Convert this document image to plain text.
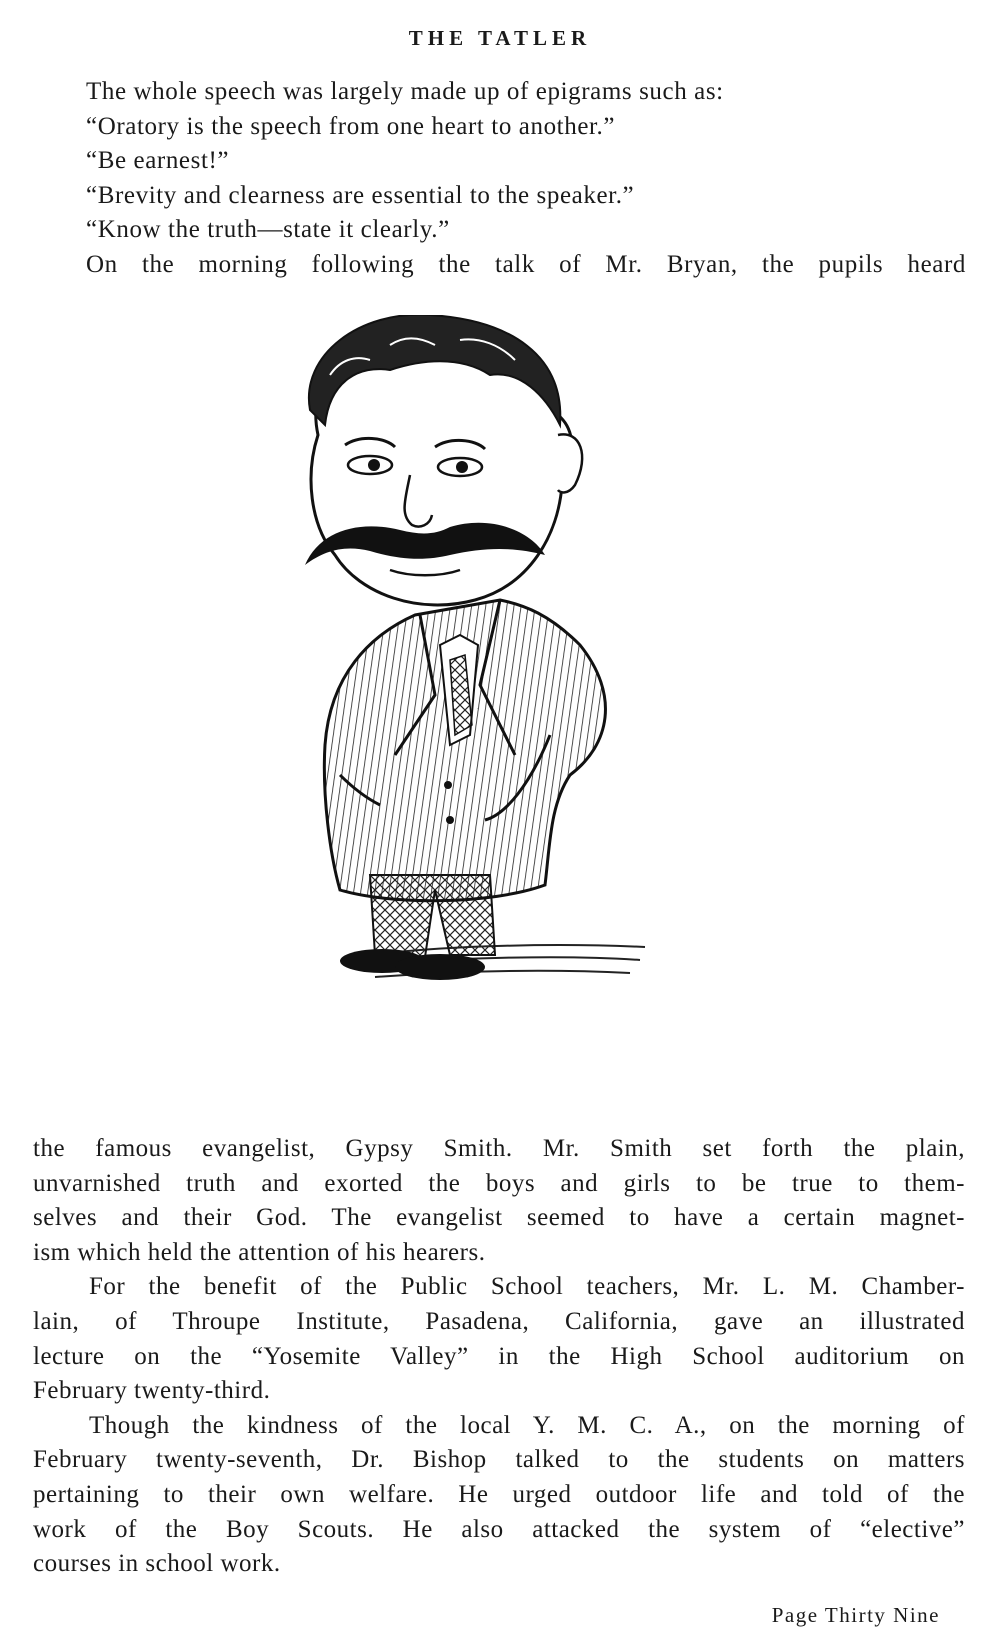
THE TATLER
The whole speech was largely made up of epigrams such as:
“Oratory is the speech from one heart to another.”
“Be earnest!”
“Brevity and clearness are essential to the speaker.”
“Know the truth—state it clearly.”
On the morning following the talk of Mr. Bryan, the pupils heard
the famous evangelist, Gypsy Smith. Mr. Smith set forth the plain,
unvarnished truth and exorted the boys and girls to be true to them-
selves and their God. The evangelist seemed to have a certain magnet-
ism which held the attention of his hearers.
For the benefit of the Public School teachers, Mr. L. M. Chamber-
lain, of Throupe Institute, Pasadena, California, gave an illustrated
lecture on the “Yosemite Valley” in the High School auditorium on
February twenty-third.
Though the kindness of the local Y. M. C. A., on the morning of
February twenty-seventh, Dr. Bishop talked to the students on matters
pertaining to their own welfare. He urged outdoor life and told of the
work of the Boy Scouts. He also attacked the system of “elective”
courses in school work.
Page Thirty Nine
